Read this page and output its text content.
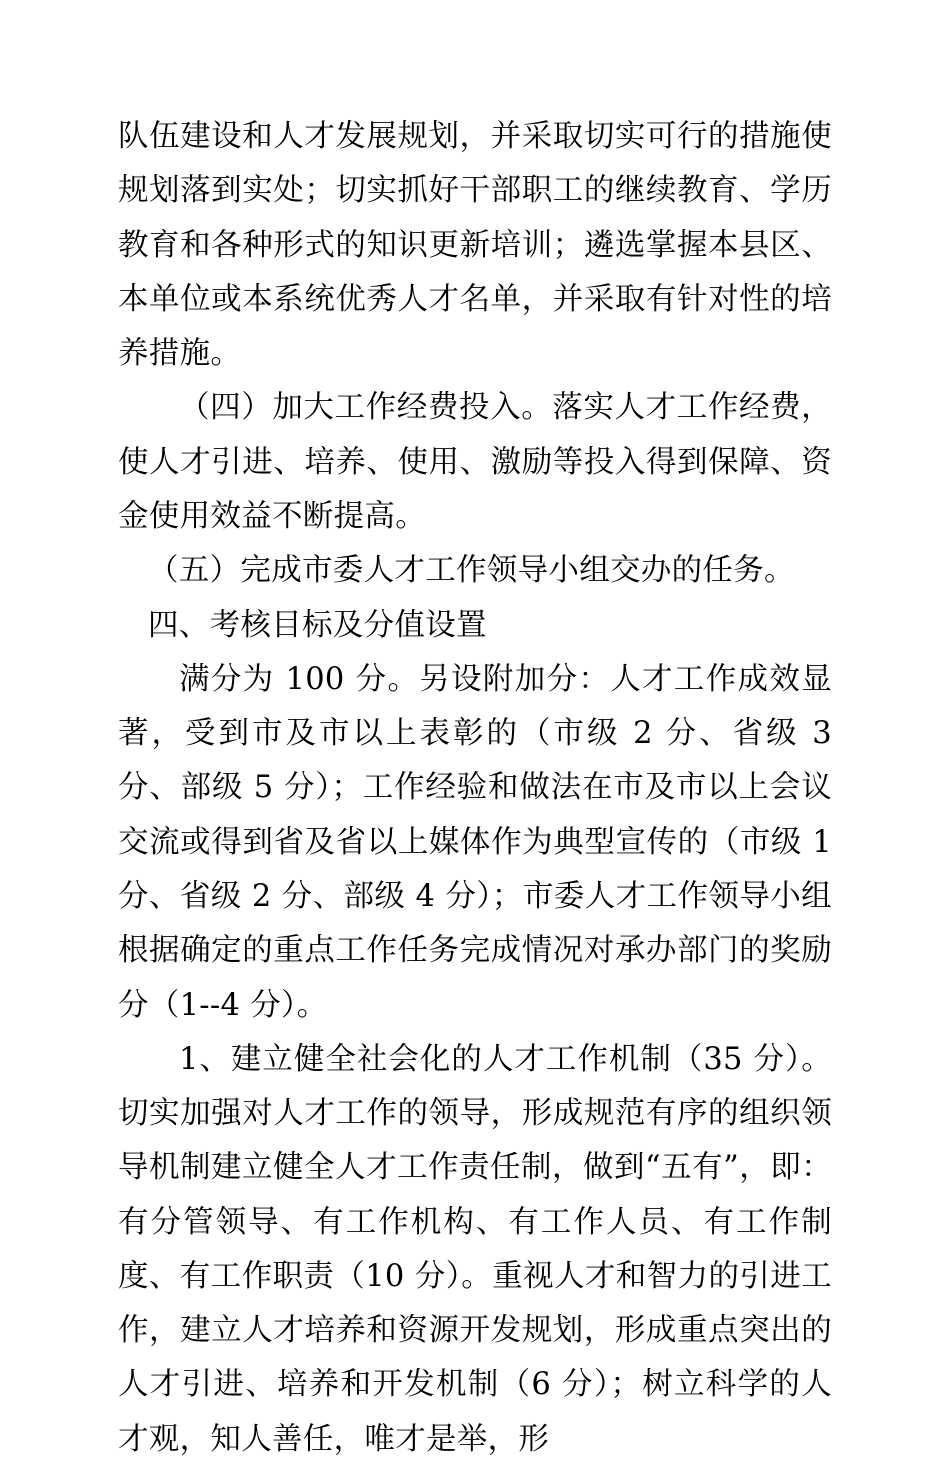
队伍建设和人才发展规划，并采取切实可行的措施使规划落到实处；切实抓好干部职工的继续教育、学历教育和各种形式的知识更新培训；遴选掌握本县区、本单位或本系统优秀人才名单，并采取有针对性的培养措施。

（四）加大工作经费投入。落实人才工作经费，使人才引进、培养、使用、激励等投入得到保障、资金使用效益不断提高。

（五）完成市委人才工作领导小组交办的任务。

四、考核目标及分值设置

满分为 100 分。另设附加分：人才工作成效显著，受到市及市以上表彰的（市级 2 分、省级 3 分、部级 5 分）；工作经验和做法在市及市以上会议交流或得到省及省以上媒体作为典型宣传的（市级 1 分、省级 2 分、部级 4 分）；市委人才工作领导小组根据确定的重点工作任务完成情况对承办部门的奖励分（1--4 分）。

1、建立健全社会化的人才工作机制（35 分）。切实加强对人才工作的领导，形成规范有序的组织领导机制建立健全人才工作责任制，做到“五有”，即：有分管领导、有工作机构、有工作人员、有工作制度、有工作职责（10 分）。重视人才和智力的引进工作，建立人才培养和资源开发规划，形成重点突出的人才引进、培养和开发机制（6 分）；树立科学的人才观，知人善任，唯才是举，形
